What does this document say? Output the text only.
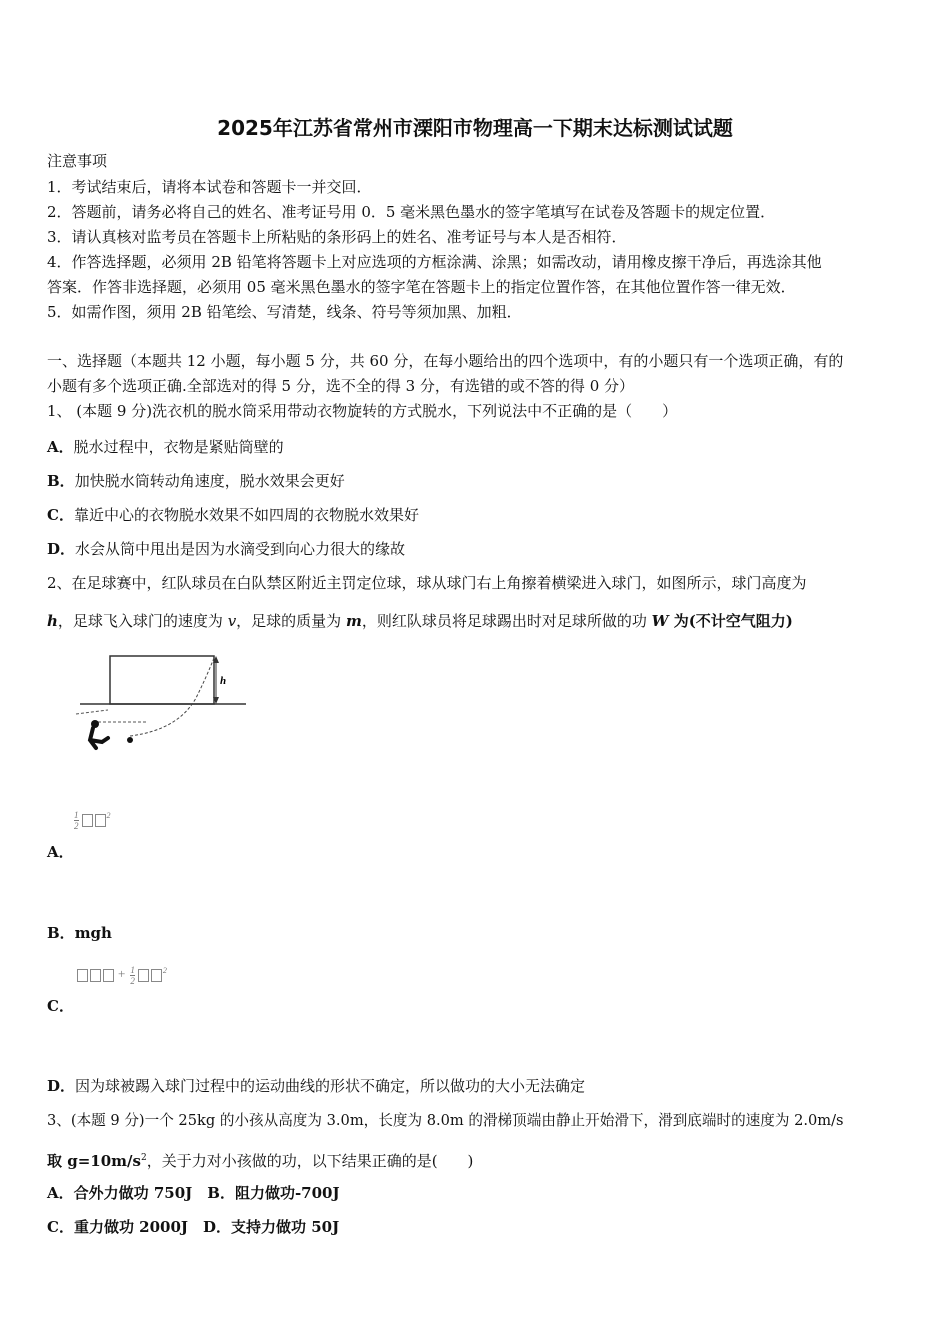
2025年江苏省常州市溧阳市物理高一下期末达标测试试题
注意事项
1．考试结束后，请将本试卷和答题卡一并交回．
2．答题前，请务必将自己的姓名、准考证号用 0．5 毫米黑色墨水的签字笔填写在试卷及答题卡的规定位置．
3．请认真核对监考员在答题卡上所粘贴的条形码上的姓名、准考证号与本人是否相符．
4．作答选择题，必须用 2B 铅笔将答题卡上对应选项的方框涂满、涂黑；如需改动，请用橡皮擦干净后，再选涂其他
答案．作答非选择题，必须用 05 毫米黑色墨水的签字笔在答题卡上的指定位置作答，在其他位置作答一律无效．
5．如需作图，须用 2B 铅笔绘、写清楚，线条、符号等须加黑、加粗．
一、选择题（本题共 12 小题，每小题 5 分，共 60 分，在每小题给出的四个选项中，有的小题只有一个选项正确，有的
小题有多个选项正确.全部选对的得 5 分，选不全的得 3 分，有选错的或不答的得 0 分）
1、 (本题 9 分)洗衣机的脱水筒采用带动衣物旋转的方式脱水，下列说法中不正确的是（　　）
A．脱水过程中，衣物是紧贴筒壁的
B．加快脱水筒转动角速度，脱水效果会更好
C．靠近中心的衣物脱水效果不如四周的衣物脱水效果好
D．水会从筒中甩出是因为水滴受到向心力很大的缘故
2、在足球赛中，红队球员在白队禁区附近主罚定位球，球从球门右上角擦着横梁进入球门，如图所示，球门高度为
h，足球飞入球门的速度为 v，足球的质量为 m，则红队球员将足球踢出时对足球所做的功 W 为(不计空气阻力)
h
$\frac{1}{2}$	$^2$
A．
B．mgh
+ $\frac{1}{2}$	$^2$
C．
D．因为球被踢入球门过程中的运动曲线的形状不确定，所以做功的大小无法确定
3、(本题 9 分)一个 25kg 的小孩从高度为 3.0m，长度为 8.0m 的滑梯顶端由静止开始滑下，滑到底端时的速度为 2.0m/s
取 $g=10m/s^2$，关于力对小孩做的功，以下结果正确的是(　　)
A．合外力做功 750J　B．阻力做功-700J
C．重力做功 2000J　D．支持力做功 50J
